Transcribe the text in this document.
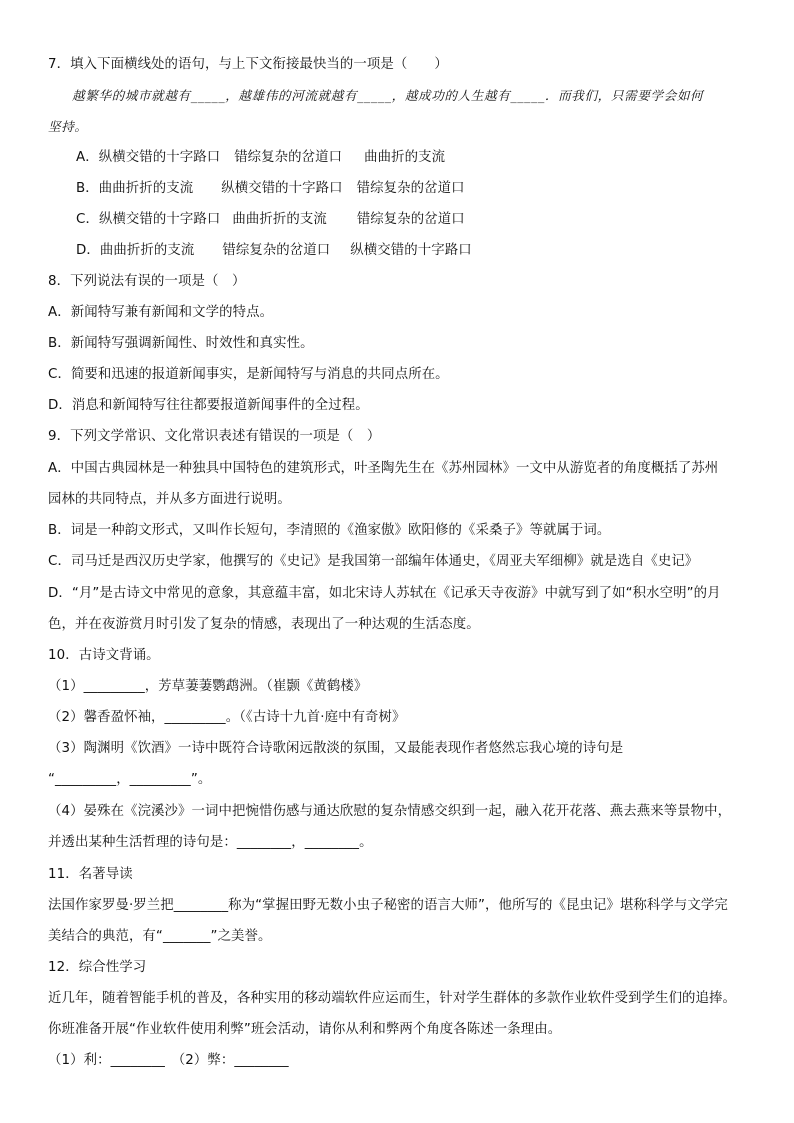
7．填入下面横线处的语句，与上下文衔接最快当的一项是（　　）
越繁华的城市就越有_____，越雄伟的河流就越有_____，越成功的人生越有_____．而我们，只需要学会如何
坚持。
A．纵横交错的十字路口 错综复杂的岔道口 曲曲折的支流
B．曲曲折折的支流 纵横交错的十字路口 错综复杂的岔道口
C．纵横交错的十字路口 曲曲折折的支流 错综复杂的岔道口
D．曲曲折折的支流 错综复杂的岔道口 纵横交错的十字路口
8．下列说法有误的一项是（　）
A．新闻特写兼有新闻和文学的特点。
B．新闻特写强调新闻性、时效性和真实性。
C．简要和迅速的报道新闻事实，是新闻特写与消息的共同点所在。
D．消息和新闻特写往往都要报道新闻事件的全过程。
9．下列文学常识、文化常识表述有错误的一项是（　）
A．中国古典园林是一种独具中国特色的建筑形式，叶圣陶先生在《苏州园林》一文中从游览者的角度概括了苏州
园林的共同特点，并从多方面进行说明。
B．词是一种韵文形式，又叫作长短句，李清照的《渔家傲》欧阳修的《采桑子》等就属于词。
C．司马迁是西汉历史学家，他撰写的《史记》是我国第一部编年体通史，《周亚夫军细柳》就是选自《史记》
D．“月”是古诗文中常见的意象，其意蕴丰富，如北宋诗人苏轼在《记承天寺夜游》中就写到了如“积水空明”的月
色，并在夜游赏月时引发了复杂的情感，表现出了一种达观的生活态度。
10．古诗文背诵。
（1）_________，芳草萋萋鹦鹉洲。（崔颢《黄鹤楼》
（2）馨香盈怀袖，_________。（《古诗十九首·庭中有奇树》
（3）陶渊明《饮酒》一诗中既符合诗歌闲远散淡的氛围，又最能表现作者悠然忘我心境的诗句是
“_________，_________”。
（4）晏殊在《浣溪沙》一词中把惋惜伤感与通达欣慰的复杂情感交织到一起，融入花开花落、燕去燕来等景物中，
并透出某种生活哲理的诗句是：________，________。
11．名著导读
法国作家罗曼·罗兰把________称为“掌握田野无数小虫子秘密的语言大师”，他所写的《昆虫记》堪称科学与文学完
美结合的典范，有“_______”之美誉。
12．综合性学习
近几年，随着智能手机的普及，各种实用的移动端软件应运而生，针对学生群体的多款作业软件受到学生们的追捧。
你班准备开展“作业软件使用利弊”班会活动，请你从利和弊两个角度各陈述一条理由。
（1）利：________　（2）弊：________
